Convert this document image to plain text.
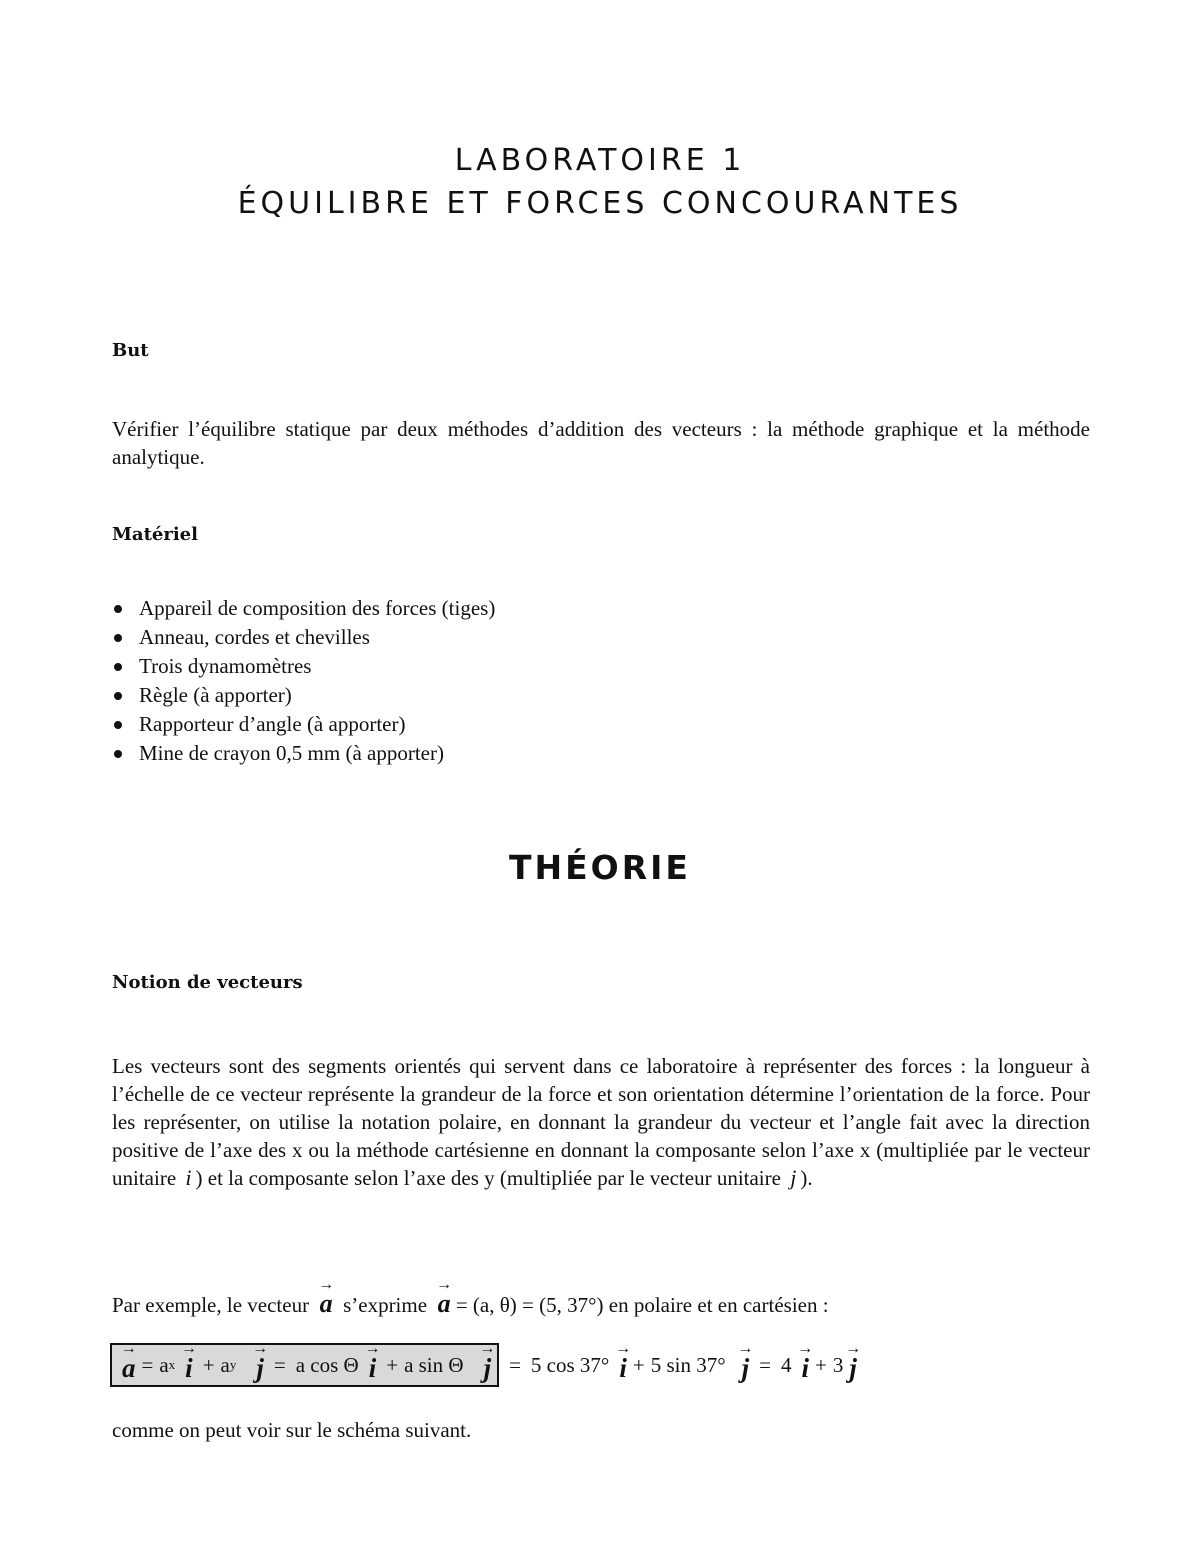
LABORATOIRE 1
ÉQUILIBRE ET FORCES CONCOURANTES
But
Vérifier l’équilibre statique par deux méthodes d’addition des vecteurs : la méthode graphique et la méthode analytique.
Matériel
Appareil de composition des forces (tiges)
Anneau, cordes et chevilles
Trois dynamomètres
Règle (à apporter)
Rapporteur d’angle (à apporter)
Mine de crayon 0,5 mm (à apporter)
THÉORIE
Notion de vecteurs
Les vecteurs sont des segments orientés qui servent dans ce laboratoire à représenter des forces : la longueur à l’échelle de ce vecteur représente la grandeur de la force et son orientation détermine l’orientation de la force. Pour les représenter, on utilise la notation polaire, en donnant la grandeur du vecteur et l’angle fait avec la direction positive de l’axe des x ou la méthode cartésienne en donnant la composante selon l’axe x (multipliée par le vecteur unitaire i ) et la composante selon l’axe des y (multipliée par le vecteur unitaire j ).
Par exemple, le vecteur
→
a s’exprime
→
a = (a, θ) = (5, 37°) en polaire et en cartésien :
→
a = a x
→
i + a y
→
j = a cos Θ
→
i + a sin Θ
→
j = 5 cos 37°
→
i + 5 sin 37°
→
j = 4
→
i + 3
→
j
comme on peut voir sur le schéma suivant.
